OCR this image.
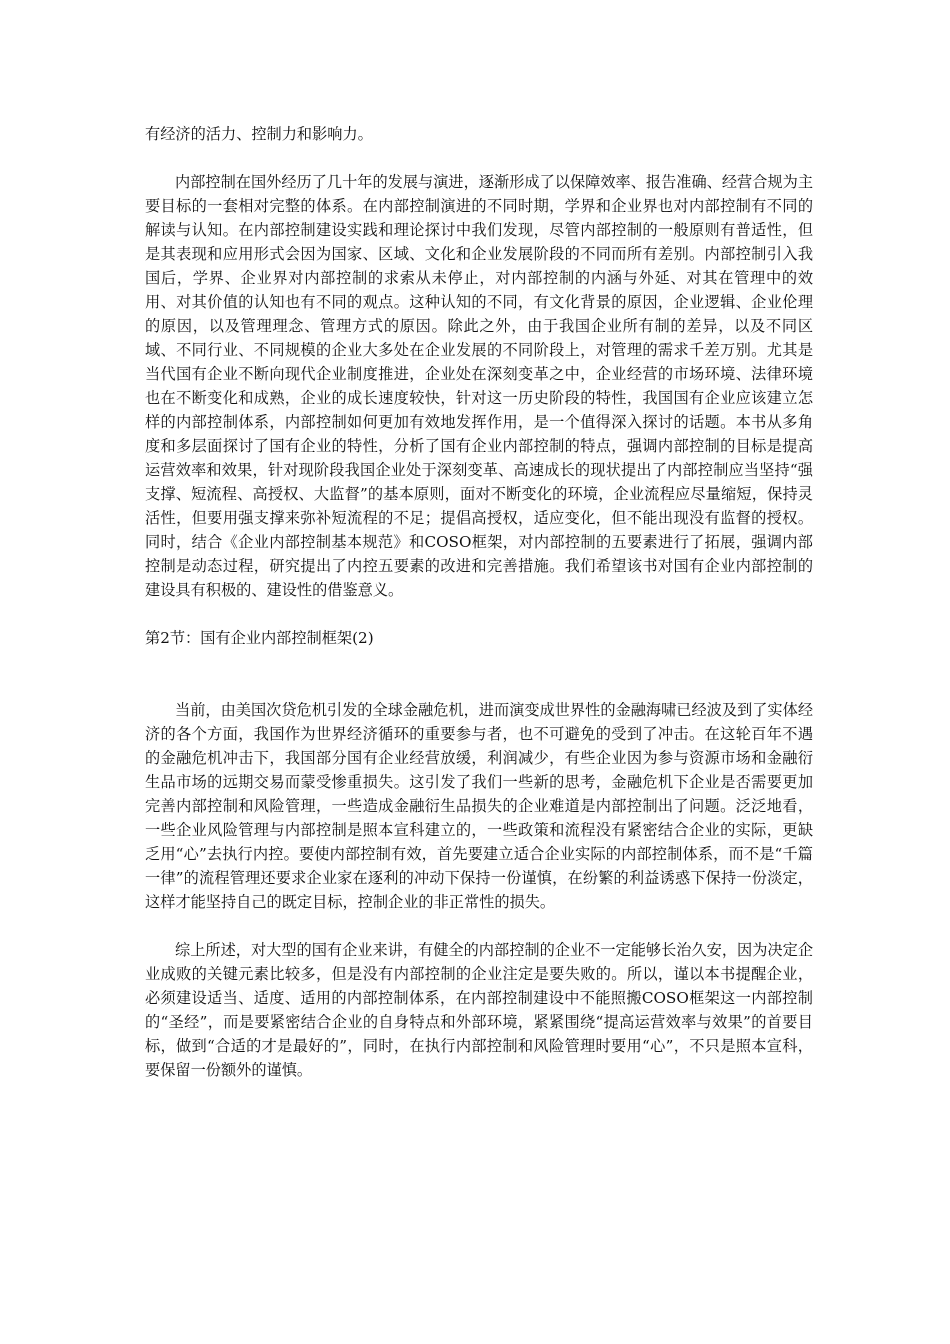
有经济的活力、控制力和影响力。

内部控制在国外经历了几十年的发展与演进，逐渐形成了以保障效率、报告准确、经营合规为主要目标的一套相对完整的体系。在内部控制演进的不同时期，学界和企业界也对内部控制有不同的解读与认知。在内部控制建设实践和理论探讨中我们发现，尽管内部控制的一般原则有普适性，但是其表现和应用形式会因为国家、区域、文化和企业发展阶段的不同而所有差别。内部控制引入我国后，学界、企业界对内部控制的求索从未停止，对内部控制的内涵与外延、对其在管理中的效用、对其价值的认知也有不同的观点。这种认知的不同，有文化背景的原因，企业逻辑、企业伦理的原因，以及管理理念、管理方式的原因。除此之外，由于我国企业所有制的差异，以及不同区域、不同行业、不同规模的企业大多处在企业发展的不同阶段上，对管理的需求千差万别。尤其是当代国有企业不断向现代企业制度推进，企业处在深刻变革之中，企业经营的市场环境、法律环境也在不断变化和成熟，企业的成长速度较快，针对这一历史阶段的特性，我国国有企业应该建立怎样的内部控制体系，内部控制如何更加有效地发挥作用，是一个值得深入探讨的话题。本书从多角度和多层面探讨了国有企业的特性，分析了国有企业内部控制的特点，强调内部控制的目标是提高运营效率和效果，针对现阶段我国企业处于深刻变革、高速成长的现状提出了内部控制应当坚持“强支撑、短流程、高授权、大监督”的基本原则，面对不断变化的环境，企业流程应尽量缩短，保持灵活性，但要用强支撑来弥补短流程的不足；提倡高授权，适应变化，但不能出现没有监督的授权。同时，结合《企业内部控制基本规范》和COSO框架，对内部控制的五要素进行了拓展，强调内部控制是动态过程，研究提出了内控五要素的改进和完善措施。我们希望该书对国有企业内部控制的建设具有积极的、建设性的借鉴意义。

第2节：国有企业内部控制框架(2)

当前，由美国次贷危机引发的全球金融危机，进而演变成世界性的金融海啸已经波及到了实体经济的各个方面，我国作为世界经济循环的重要参与者，也不可避免的受到了冲击。在这轮百年不遇的金融危机冲击下，我国部分国有企业经营放缓，利润减少，有些企业因为参与资源市场和金融衍生品市场的远期交易而蒙受惨重损失。这引发了我们一些新的思考，金融危机下企业是否需要更加完善内部控制和风险管理，一些造成金融衍生品损失的企业难道是内部控制出了问题。泛泛地看，一些企业风险管理与内部控制是照本宣科建立的，一些政策和流程没有紧密结合企业的实际，更缺乏用“心”去执行内控。要使内部控制有效，首先要建立适合企业实际的内部控制体系，而不是“千篇一律”的流程管理还要求企业家在逐利的冲动下保持一份谨慎，在纷繁的利益诱惑下保持一份淡定，这样才能坚持自己的既定目标，控制企业的非正常性的损失。

综上所述，对大型的国有企业来讲，有健全的内部控制的企业不一定能够长治久安，因为决定企业成败的关键元素比较多，但是没有内部控制的企业注定是要失败的。所以，谨以本书提醒企业，必须建设适当、适度、适用的内部控制体系，在内部控制建设中不能照搬COSO框架这一内部控制的“圣经”，而是要紧密结合企业的自身特点和外部环境，紧紧围绕“提高运营效率与效果”的首要目标，做到“合适的才是最好的”，同时，在执行内部控制和风险管理时要用“心”，不只是照本宣科，要保留一份额外的谨慎。
